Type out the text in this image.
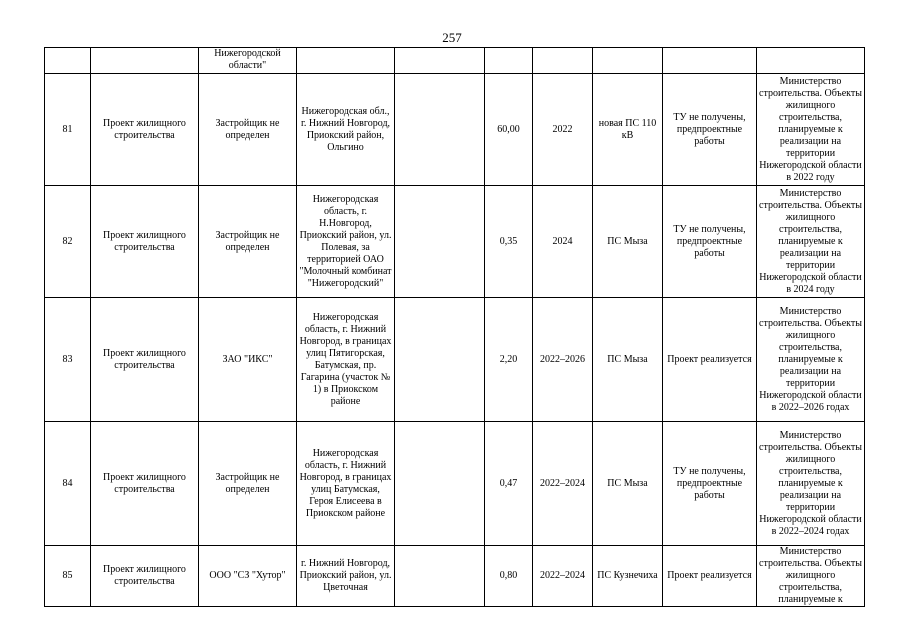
257
		Нижегородской области"							
81	Проект жилищного строительства	Застройщик не определен	Нижегородская обл., г. Нижний Новгород, Приокский район, Ольгино		60,00	2022	новая ПС 110 кВ	ТУ не получены, предпроектные работы	Министерство строительства. Объекты жилищного строительства, планируемые к реализации на территории Нижегородской области в 2022 году
82	Проект жилищного строительства	Застройщик не определен	Нижегородская область, г. Н.Новгород, Приокский район, ул. Полевая, за территорией ОАО "Молочный комбинат "Нижегородский"		0,35	2024	ПС Мыза	ТУ не получены, предпроектные работы	Министерство строительства. Объекты жилищного строительства, планируемые к реализации на территории Нижегородской области в 2024 году
83	Проект жилищного строительства	ЗАО "ИКС"	Нижегородская область, г. Нижний Новгород, в границах улиц Пятигорская, Батумская, пр. Гагарина (участок № 1) в Приокском районе		2,20	2022–2026	ПС Мыза	Проект реализуется	Министерство строительства. Объекты жилищного строительства, планируемые к реализации на территории Нижегородской области в 2022–2026 годах
84	Проект жилищного строительства	Застройщик не определен	Нижегородская область, г. Нижний Новгород, в границах улиц Батумская, Героя Елисеева в Приокском районе		0,47	2022–2024	ПС Мыза	ТУ не получены, предпроектные работы	Министерство строительства. Объекты жилищного строительства, планируемые к реализации на территории Нижегородской области в 2022–2024 годах
85	Проект жилищного строительства	ООО "СЗ "Хутор"	г. Нижний Новгород, Приокский район, ул. Цветочная		0,80	2022–2024	ПС Кузнечиха	Проект реализуется	Министерство строительства. Объекты жилищного строительства, планируемые к
